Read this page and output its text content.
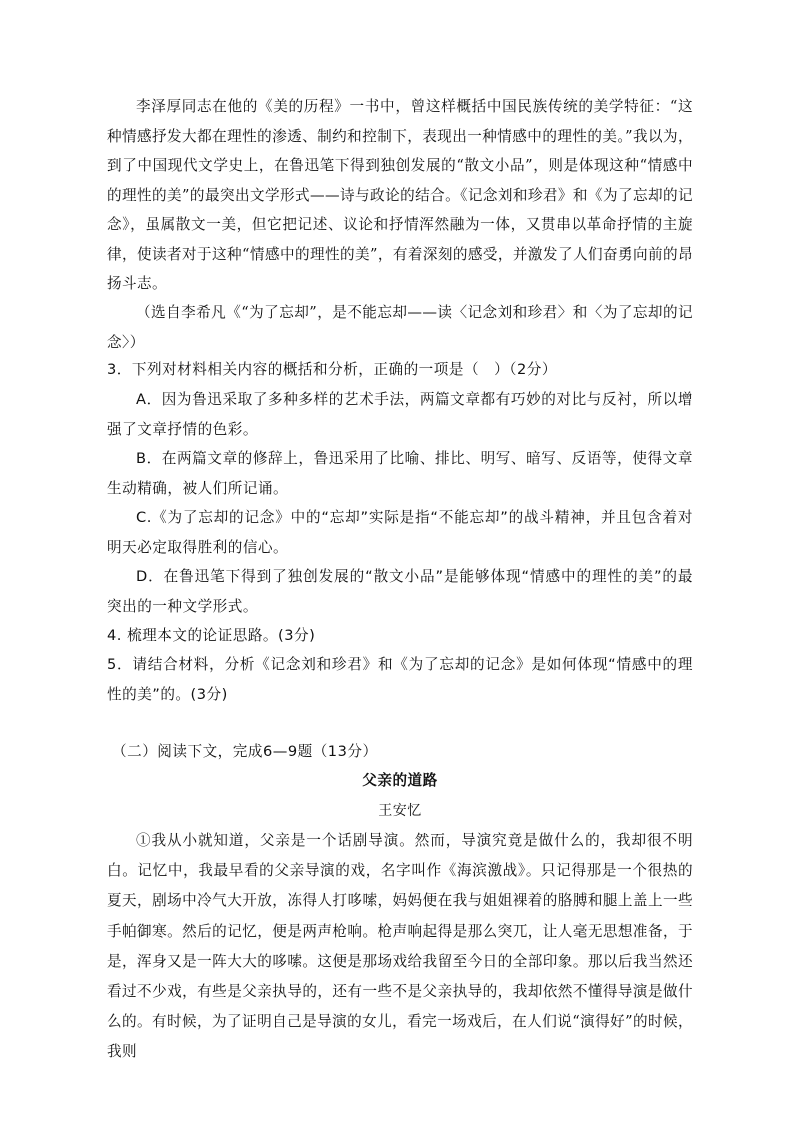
李泽厚同志在他的《美的历程》一书中，曾这样概括中国民族传统的美学特征：“这种情感抒发大都在理性的渗透、制约和控制下，表现出一种情感中的理性的美。”我以为，到了中国现代文学史上，在鲁迅笔下得到独创发展的“散文小品”，则是体现这种“情感中的理性的美”的最突出文学形式——诗与政论的结合。《记念刘和珍君》和《为了忘却的记念》，虽属散文一美，但它把记述、议论和抒情浑然融为一体，又贯串以革命抒情的主旋律，使读者对于这种“情感中的理性的美”，有着深刻的感受，并激发了人们奋勇向前的昂扬斗志。

（选自李希凡《“为了忘却”，是不能忘却——读〈记念刘和珍君〉和〈为了忘却的记念〉）

3．下列对材料相关内容的概括和分析，正确的一项是（　）（2分）

A．因为鲁迅采取了多种多样的艺术手法，两篇文章都有巧妙的对比与反衬，所以增强了文章抒情的色彩。

B．在两篇文章的修辞上，鲁迅采用了比喻、排比、明写、暗写、反语等，使得文章生动精确，被人们所记诵。

C.《为了忘却的记念》中的“忘却”实际是指“不能忘却”的战斗精神，并且包含着对明天必定取得胜利的信心。

D．在鲁迅笔下得到了独创发展的“散文小品”是能够体现“情感中的理性的美”的最突出的一种文学形式。

4. 梳理本文的论证思路。(3分)

5．请结合材料，分析《记念刘和珍君》和《为了忘却的记念》是如何体现“情感中的理性的美”的。(3分)

（二）阅读下文，完成6—9题（13分）
父亲的道路
王安忆

①我从小就知道，父亲是一个话剧导演。然而，导演究竟是做什么的，我却很不明白。记忆中，我最早看的父亲导演的戏，名字叫作《海滨激战》。只记得那是一个很热的夏天，剧场中冷气大开放，冻得人打哆嗦，妈妈便在我与姐姐裸着的胳膊和腿上盖上一些手帕御寒。然后的记忆，便是两声枪响。枪声响起得是那么突兀，让人毫无思想准备，于是，浑身又是一阵大大的哆嗦。这便是那场戏给我留至今日的全部印象。那以后我当然还看过不少戏，有些是父亲执导的，还有一些不是父亲执导的，我却依然不懂得导演是做什么的。有时候，为了证明自己是导演的女儿，看完一场戏后，在人们说“演得好”的时候，我则
